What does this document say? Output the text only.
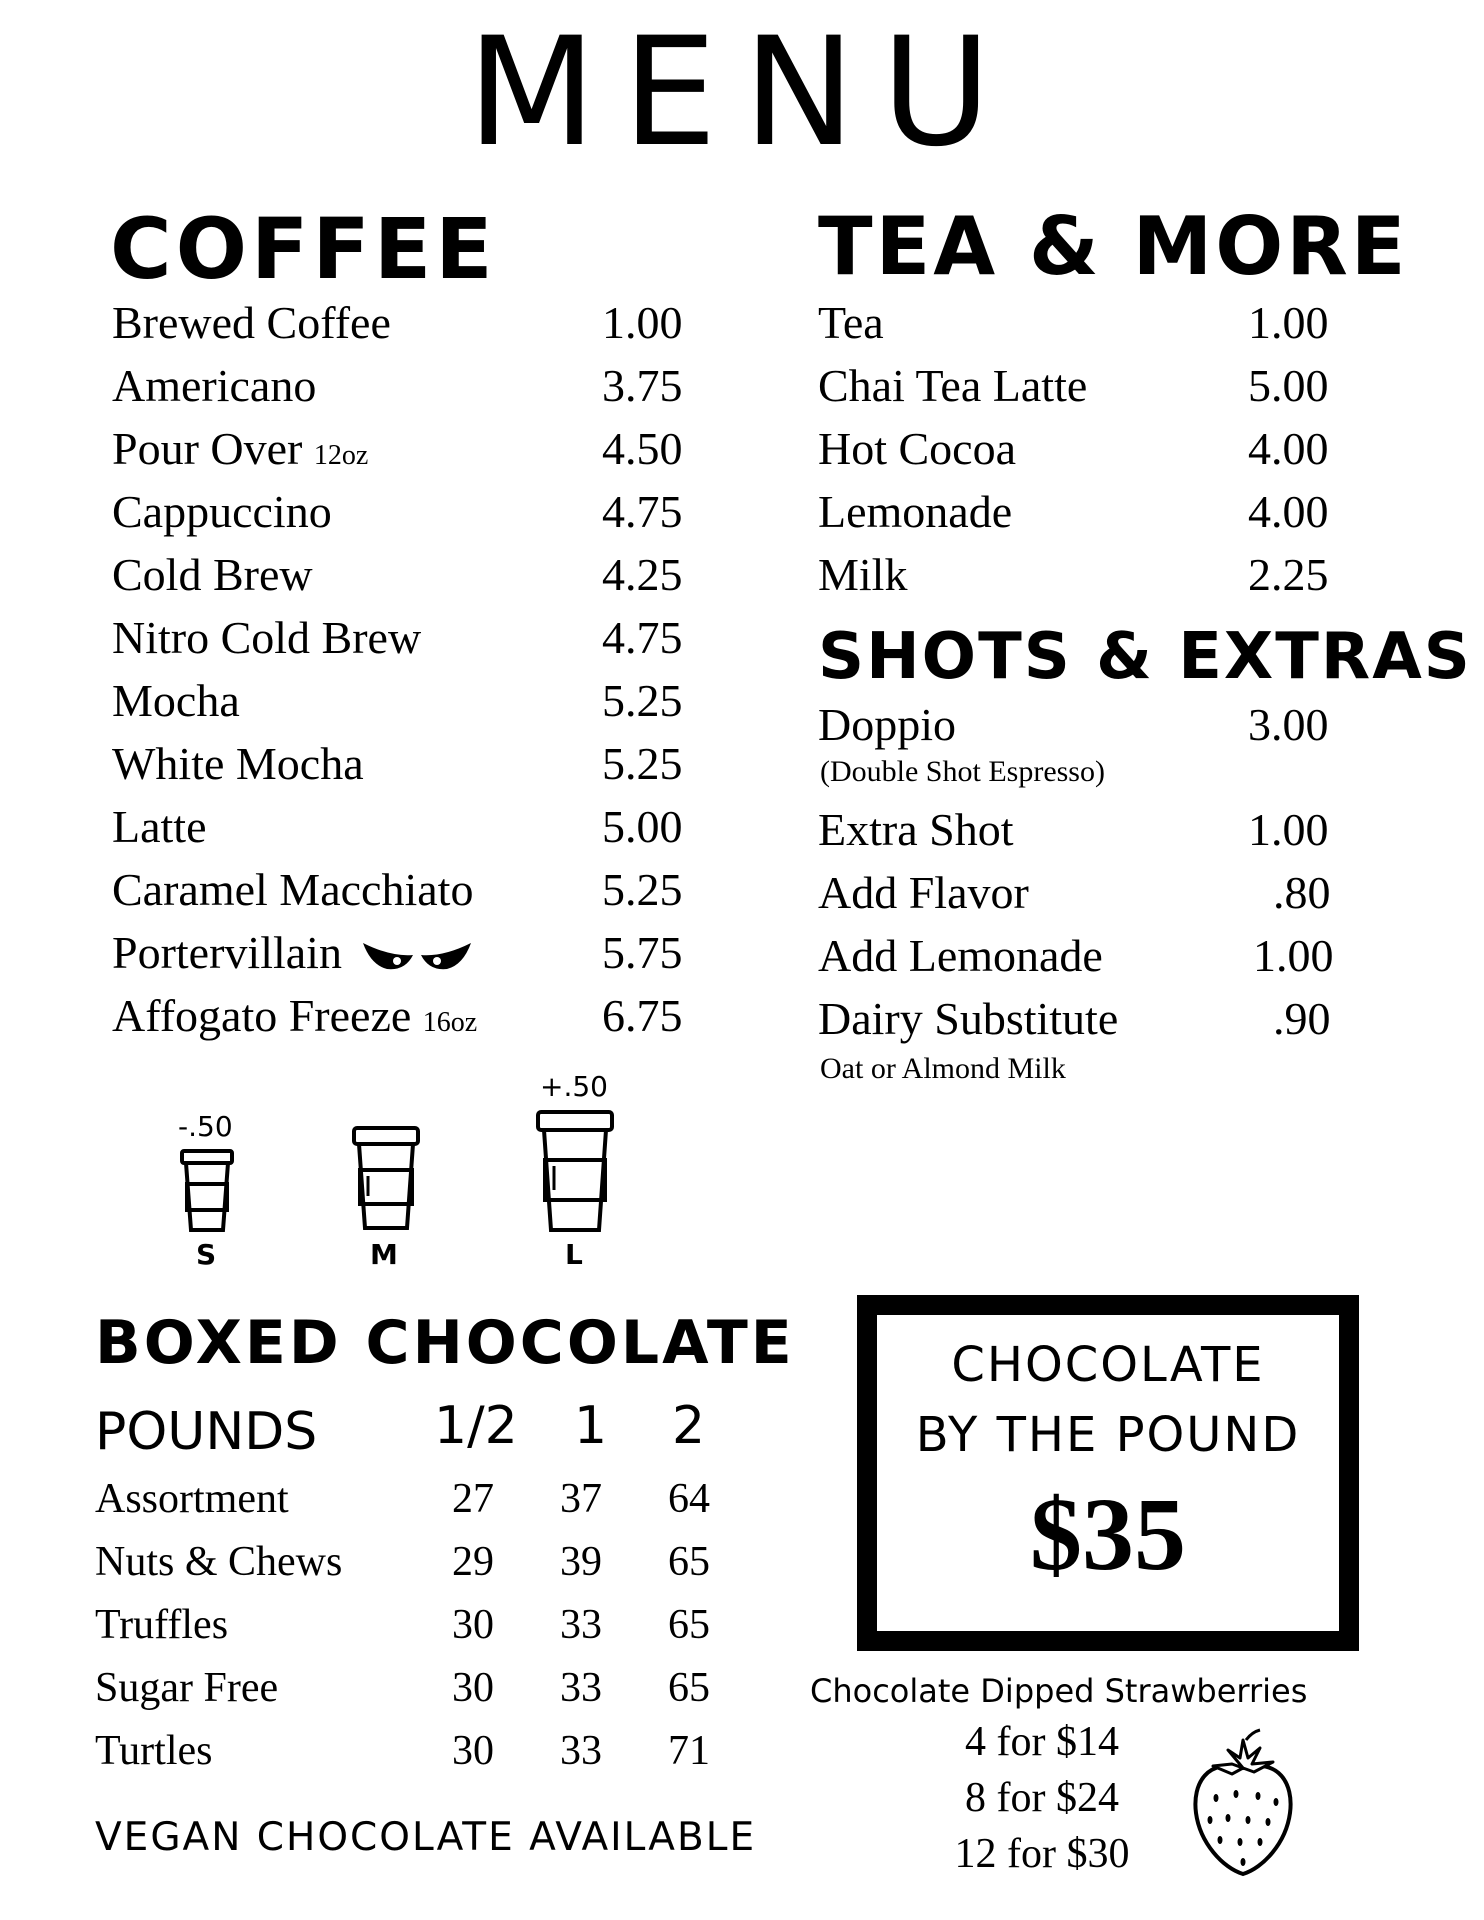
MENU
COFFEE
Brewed Coffee	1.00
Americano	3.75
Pour Over 12oz	4.50
Cappuccino	4.75
Cold Brew	4.25
Nitro Cold Brew	4.75
Mocha	5.25
White Mocha	5.25
Latte	5.00
Caramel Macchiato	5.25
Portervillain	5.75
Affogato Freeze 16oz	6.75
TEA & MORE
Tea	1.00
Chai Tea Latte	5.00
Hot Cocoa	4.00
Lemonade	4.00
Milk	2.25
SHOTS & EXTRAS
Doppio	3.00
(Double Shot Espresso)
Extra Shot	1.00
Add Flavor	.80
Add Lemonade	1.00
Dairy Substitute	.90
Oat or Almond Milk
-.50
S	M
+.50
L
BOXED CHOCOLATE
POUNDS 1/2 1 2
Assortment	27 37 64
Nuts & Chews	29 39 65
Truffles	30 33 65
Sugar Free	30 33 65
Turtles	30 33 71
VEGAN CHOCOLATE AVAILABLE
CHOCOLATE
BY THE POUND
$35
Chocolate Dipped Strawberries
4 for $14
8 for $24
12 for $30
